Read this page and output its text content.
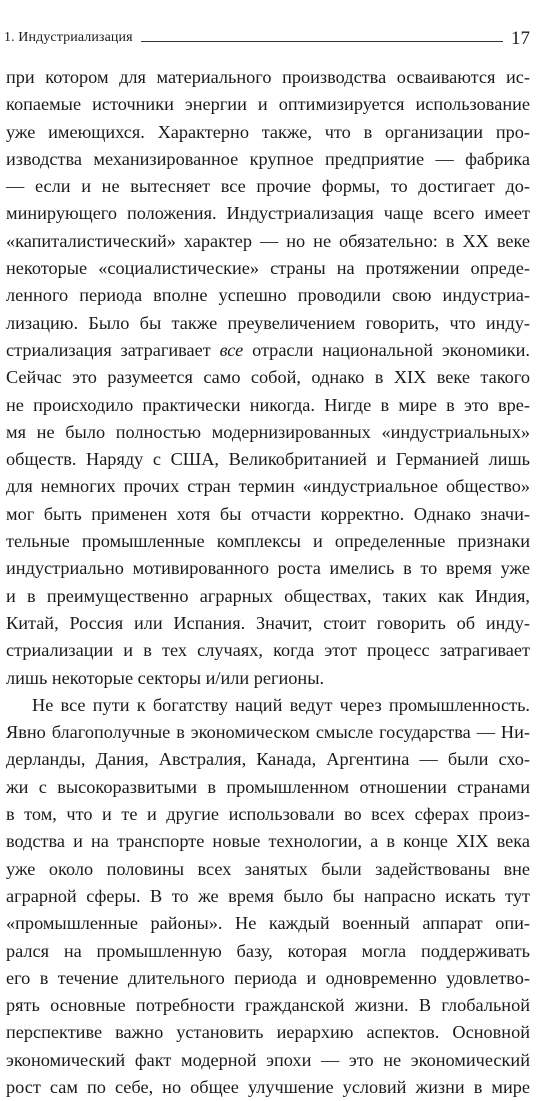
1. Индустриализация	17
при котором для материального производства осваиваются ис-
копаемые источники энергии и оптимизируется использование
уже имеющихся. Характерно также, что в организации про-
изводства механизированное крупное предприятие — фабрика
— если и не вытесняет все прочие формы, то достигает до-
минирующего положения. Индустриализация чаще всего имеет
«капиталистический» характер — но не обязательно: в XX веке
некоторые «социалистические» страны на протяжении опреде-
ленного периода вполне успешно проводили свою индустриа-
лизацию. Было бы также преувеличением говорить, что инду-
стриализация затрагивает все отрасли национальной экономики.
Сейчас это разумеется само собой, однако в XIX веке такого
не происходило практически никогда. Нигде в мире в это вре-
мя не было полностью модернизированных «индустриальных»
обществ. Наряду с США, Великобританией и Германией лишь
для немногих прочих стран термин «индустриальное общество»
мог быть применен хотя бы отчасти корректно. Однако значи-
тельные промышленные комплексы и определенные признаки
индустриально мотивированного роста имелись в то время уже
и в преимущественно аграрных обществах, таких как Индия,
Китай, Россия или Испания. Значит, стоит говорить об инду-
стриализации и в тех случаях, когда этот процесс затрагивает
лишь некоторые секторы и/или регионы.
Не все пути к богатству наций ведут через промышленность.
Явно благополучные в экономическом смысле государства — Ни-
дерланды, Дания, Австралия, Канада, Аргентина — были схо-
жи с высокоразвитыми в промышленном отношении странами
в том, что и те и другие использовали во всех сферах произ-
водства и на транспорте новые технологии, а в конце XIX века
уже около половины всех занятых были задействованы вне
аграрной сферы. В то же время было бы напрасно искать тут
«промышленные районы». Не каждый военный аппарат опи-
рался на промышленную базу, которая могла поддерживать
его в течение длительного периода и одновременно удовлетво-
рять основные потребности гражданской жизни. В глобальной
перспективе важно установить иерархию аспектов. Основной
экономический факт модерной эпохи — это не экономический
рост сам по себе, но общее улучшение условий жизни в мире
